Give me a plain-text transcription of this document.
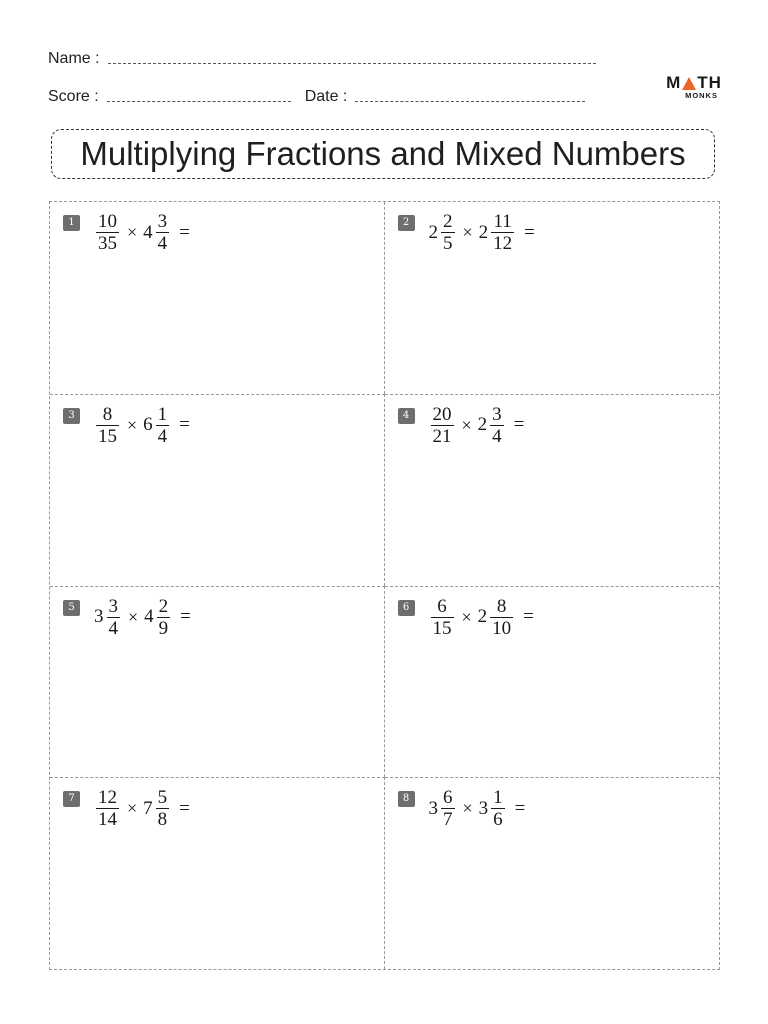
Name :
Score :	Date :
M TH
MONKS
Multiplying Fractions and Mixed Numbers
$1 \frac{10}{35} \times 4 \frac{3}{4}$ =	2 $2 \frac{2}{5} \times 2 \frac{11}{12}$ =
$3 \frac{8}{15} \times 6 \frac{1}{4}$ =	$4 \frac{20}{21} \times 2 \frac{3}{4}$ =
5 $3 \frac{3}{4} \times 4 \frac{2}{9}$ =	$6 \frac{6}{15} \times 2 \frac{8}{10}$ =
$7 \frac{12}{14} \times 7 \frac{5}{8}$ =	8 $3 \frac{6}{7} \times 3 \frac{1}{6}$ =
